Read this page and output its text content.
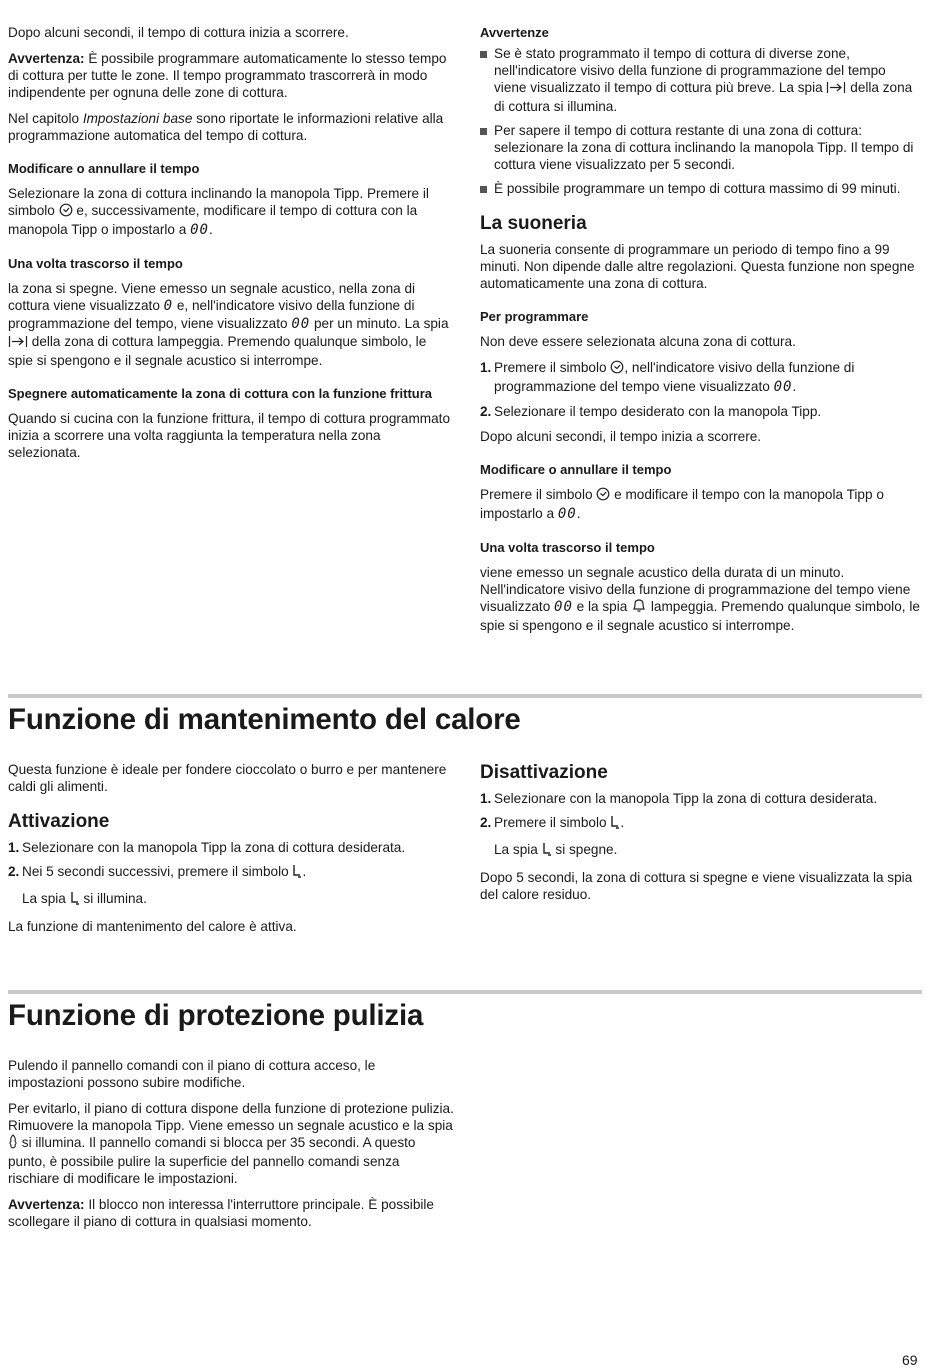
Dopo alcuni secondi, il tempo di cottura inizia a scorrere.

Avvertenza: È possibile programmare automaticamente lo stesso tempo di cottura per tutte le zone. Il tempo programmato trascorrerà in modo indipendente per ognuna delle zone di cottura.

Nel capitolo Impostazioni base sono riportate le informazioni relative alla programmazione automatica del tempo di cottura.

Modificare o annullare il tempo

Selezionare la zona di cottura inclinando la manopola Tipp. Premere il simbolo  e, successivamente, modificare il tempo di cottura con la manopola Tipp o impostarlo a 00.

Una volta trascorso il tempo

la zona si spegne. Viene emesso un segnale acustico, nella zona di cottura viene visualizzato 0 e, nell'indicatore visivo della funzione di programmazione del tempo, viene visualizzato 00 per un minuto. La spia  della zona di cottura lampeggia. Premendo qualunque simbolo, le spie si spengono e il segnale acustico si interrompe.

Spegnere automaticamente la zona di cottura con la funzione frittura

Quando si cucina con la funzione frittura, il tempo di cottura programmato inizia a scorrere una volta raggiunta la temperatura nella zona selezionata.

Avvertenze
Se è stato programmato il tempo di cottura di diverse zone, nell'indicatore visivo della funzione di programmazione del tempo viene visualizzato il tempo di cottura più breve. La spia  della zona di cottura si illumina.
Per sapere il tempo di cottura restante di una zona di cottura: selezionare la zona di cottura inclinando la manopola Tipp. Il tempo di cottura viene visualizzato per 5 secondi.
È possibile programmare un tempo di cottura massimo di 99 minuti.
La suoneria

La suoneria consente di programmare un periodo di tempo fino a 99 minuti. Non dipende dalle altre regolazioni. Questa funzione non spegne automaticamente una zona di cottura.

Per programmare

Non deve essere selezionata alcuna zona di cottura.

1. Premere il simbolo , nell'indicatore visivo della funzione di programmazione del tempo viene visualizzato 00.
2. Selezionare il tempo desiderato con la manopola Tipp.

Dopo alcuni secondi, il tempo inizia a scorrere.

Modificare o annullare il tempo

Premere il simbolo  e modificare il tempo con la manopola Tipp o impostarlo a 00.

Una volta trascorso il tempo

viene emesso un segnale acustico della durata di un minuto. Nell'indicatore visivo della funzione di programmazione del tempo viene visualizzato 00 e la spia  lampeggia. Premendo qualunque simbolo, le spie si spengono e il segnale acustico si interrompe.

Funzione di mantenimento del calore

Questa funzione è ideale per fondere cioccolato o burro e per mantenere caldi gli alimenti.

Attivazione
1. Selezionare con la manopola Tipp la zona di cottura desiderata.
2. Nei 5 secondi successivi, premere il simbolo .

La spia  si illumina.

La funzione di mantenimento del calore è attiva.

Disattivazione
1. Selezionare con la manopola Tipp la zona di cottura desiderata.
2. Premere il simbolo .

La spia  si spegne.

Dopo 5 secondi, la zona di cottura si spegne e viene visualizzata la spia del calore residuo.

Funzione di protezione pulizia

Pulendo il pannello comandi con il piano di cottura acceso, le impostazioni possono subire modifiche.

Per evitarlo, il piano di cottura dispone della funzione di protezione pulizia. Rimuovere la manopola Tipp. Viene emesso un segnale acustico e la spia  si illumina. Il pannello comandi si blocca per 35 secondi. A questo punto, è possibile pulire la superficie del pannello comandi senza rischiare di modificare le impostazioni.

Avvertenza: Il blocco non interessa l'interruttore principale. È possibile scollegare il piano di cottura in qualsiasi momento.

69
